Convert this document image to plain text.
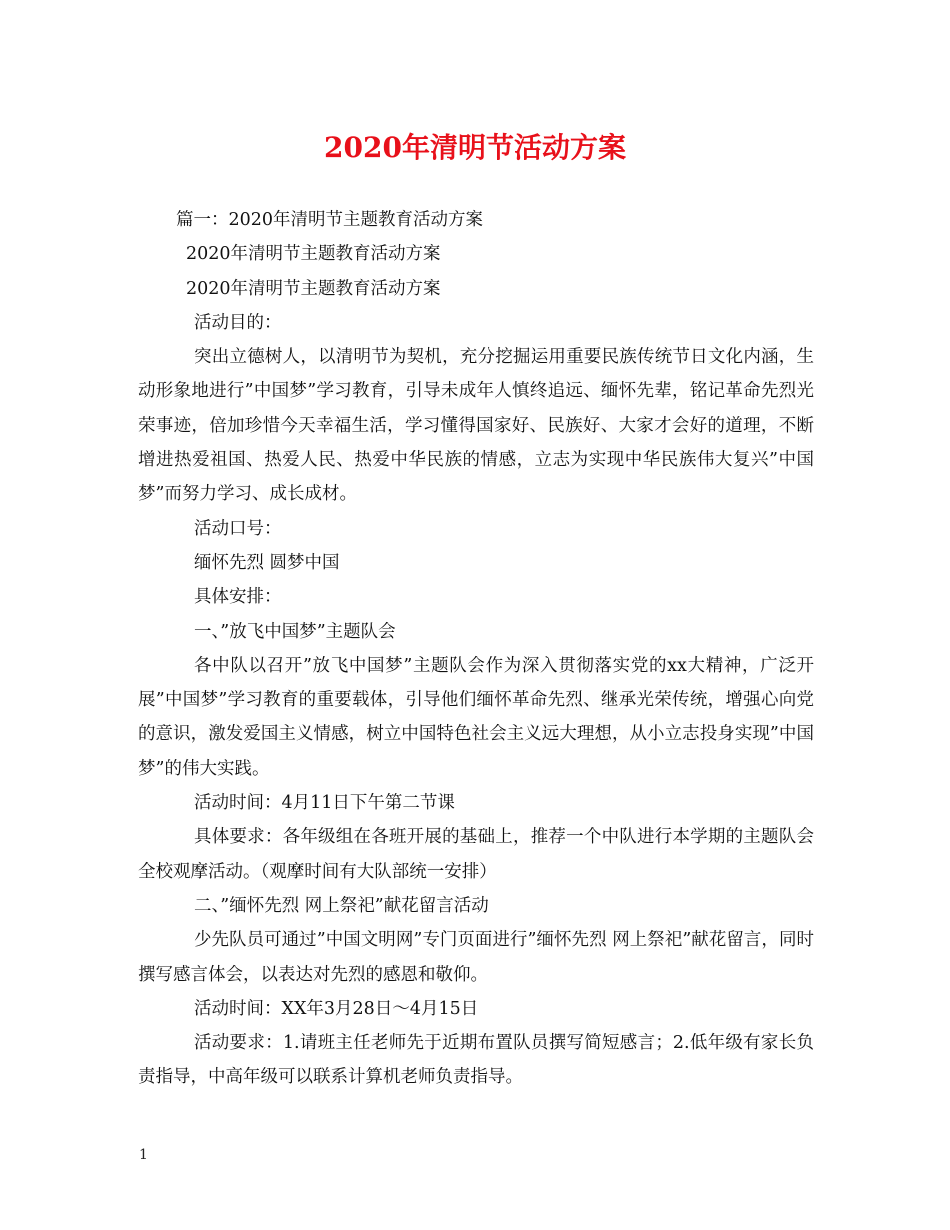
2020年清明节活动方案
篇一：2020年清明节主题教育活动方案
2020年清明节主题教育活动方案
2020年清明节主题教育活动方案
活动目的：
突出立德树人，以清明节为契机，充分挖掘运用重要民族传统节日文化内涵，生动形象地进行”中国梦”学习教育，引导未成年人慎终追远、缅怀先辈，铭记革命先烈光荣事迹，倍加珍惜今天幸福生活，学习懂得国家好、民族好、大家才会好的道理，不断增进热爱祖国、热爱人民、热爱中华民族的情感，立志为实现中华民族伟大复兴”中国梦”而努力学习、成长成材。
活动口号：
缅怀先烈 圆梦中国
具体安排：
一、”放飞中国梦”主题队会
各中队以召开”放飞中国梦”主题队会作为深入贯彻落实党的xx大精神，广泛开展”中国梦”学习教育的重要载体，引导他们缅怀革命先烈、继承光荣传统，增强心向党的意识，激发爱国主义情感，树立中国特色社会主义远大理想，从小立志投身实现”中国梦”的伟大实践。
活动时间：4月11日下午第二节课
具体要求：各年级组在各班开展的基础上，推荐一个中队进行本学期的主题队会全校观摩活动。（观摩时间有大队部统一安排）
二、”缅怀先烈 网上祭祀”献花留言活动
少先队员可通过”中国文明网”专门页面进行”缅怀先烈 网上祭祀”献花留言，同时撰写感言体会，以表达对先烈的感恩和敬仰。
活动时间：XX年3月28日～4月15日
活动要求：1.请班主任老师先于近期布置队员撰写简短感言；2.低年级有家长负责指导，中高年级可以联系计算机老师负责指导。
1
